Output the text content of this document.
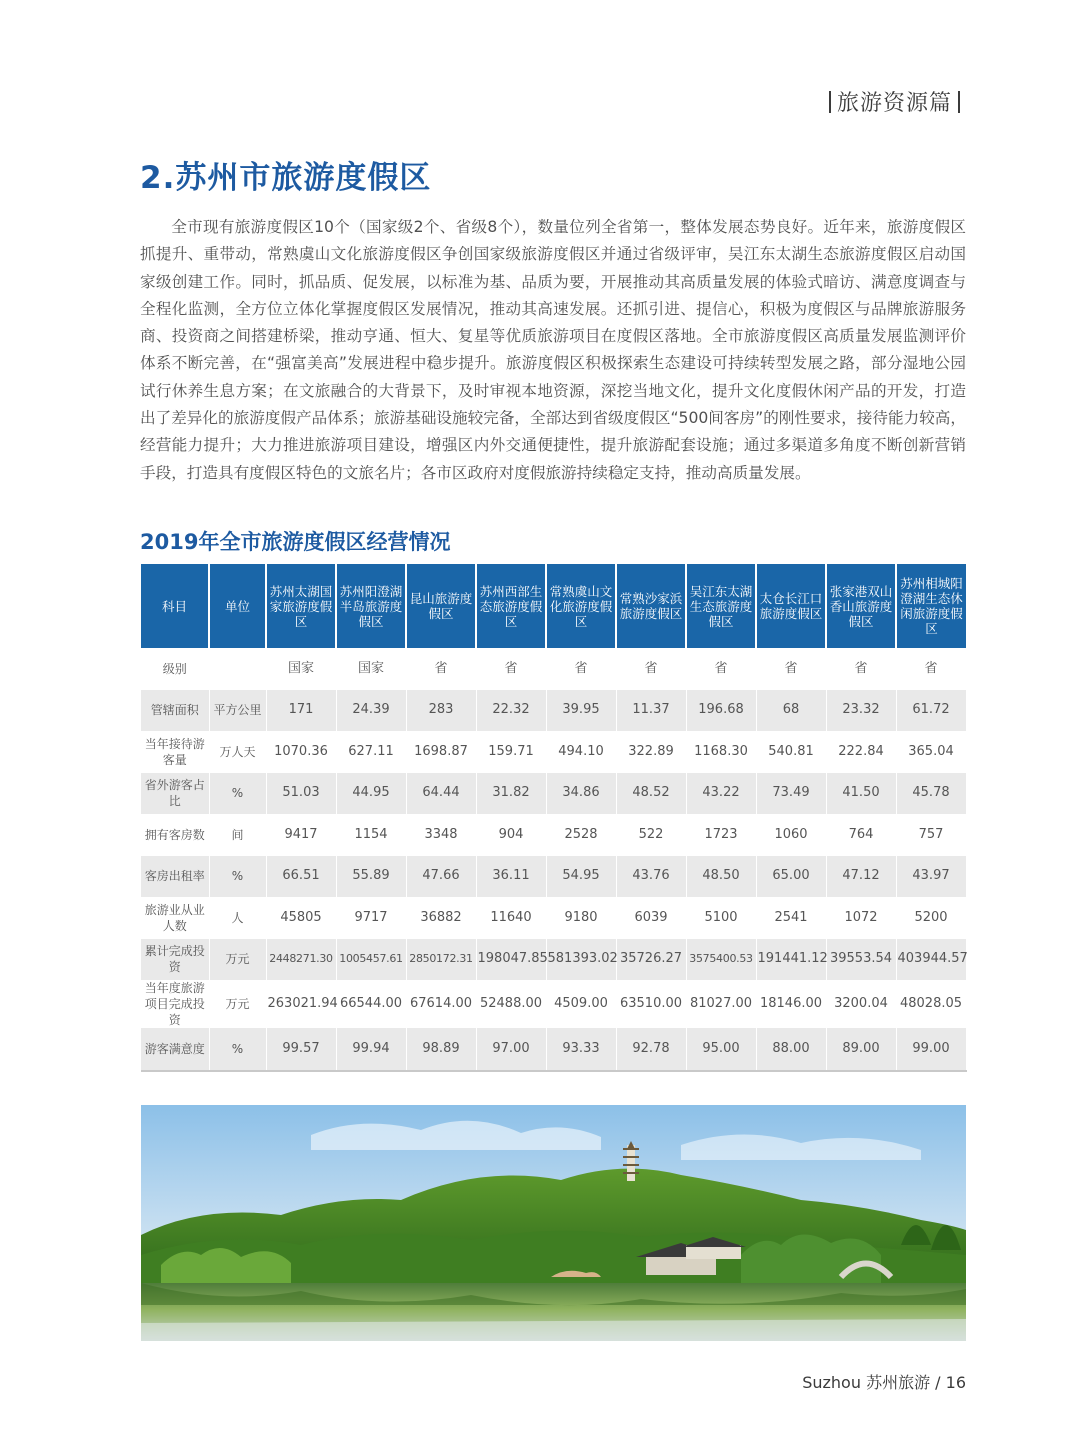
旅游资源篇
2.苏州市旅游度假区

全市现有旅游度假区10个（国家级2个、省级8个），数量位列全省第一，整体发展态势良好。近年来，旅游度假区抓提升、重带动，常熟虞山文化旅游度假区争创国家级旅游度假区并通过省级评审，吴江东太湖生态旅游度假区启动国家级创建工作。同时，抓品质、促发展，以标准为基、品质为要，开展推动其高质量发展的体验式暗访、满意度调查与全程化监测，全方位立体化掌握度假区发展情况，推动其高速发展。还抓引进、提信心，积极为度假区与品牌旅游服务商、投资商之间搭建桥梁，推动亨通、恒大、复星等优质旅游项目在度假区落地。全市旅游度假区高质量发展监测评价体系不断完善，在“强富美高”发展进程中稳步提升。旅游度假区积极探索生态建设可持续转型发展之路，部分湿地公园试行休养生息方案；在文旅融合的大背景下，及时审视本地资源，深挖当地文化，提升文化度假休闲产品的开发，打造出了差异化的旅游度假产品体系；旅游基础设施较完备，全部达到省级度假区“500间客房”的刚性要求，接待能力较高，经营能力提升；大力推进旅游项目建设，增强区内外交通便捷性，提升旅游配套设施；通过多渠道多角度不断创新营销手段，打造具有度假区特色的文旅名片；各市区政府对度假旅游持续稳定支持，推动高质量发展。

2019年全市旅游度假区经营情况
科目	单位	苏州太湖国家旅游度假区	苏州阳澄湖半岛旅游度假区	昆山旅游度假区	苏州西部生态旅游度假区	常熟虞山文化旅游度假区	常熟沙家浜旅游度假区	吴江东太湖生态旅游度假区	太仓长江口旅游度假区	张家港双山香山旅游度假区	苏州相城阳澄湖生态休闲旅游度假区
级别		国家	国家	省	省	省	省	省	省	省	省
管辖面积	平方公里	171	24.39	283	22.32	39.95	11.37	196.68	68	23.32	61.72
当年接待游客量	万人天	1070.36	627.11	1698.87	159.71	494.10	322.89	1168.30	540.81	222.84	365.04
省外游客占比	%	51.03	44.95	64.44	31.82	34.86	48.52	43.22	73.49	41.50	45.78
拥有客房数	间	9417	1154	3348	904	2528	522	1723	1060	764	757
客房出租率	%	66.51	55.89	47.66	36.11	54.95	43.76	48.50	65.00	47.12	43.97
旅游业从业人数	人	45805	9717	36882	11640	9180	6039	5100	2541	1072	5200
累计完成投资	万元	2448271.30	1005457.61	2850172.31	198047.85	581393.02	35726.27	3575400.53	191441.12	39553.54	403944.57
当年度旅游项目完成投资	万元	263021.94	66544.00	67614.00	52488.00	4509.00	63510.00	81027.00	18146.00	3200.04	48028.05
游客满意度	%	99.57	99.94	98.89	97.00	93.33	92.78	95.00	88.00	89.00	99.00
Suzhou 苏州旅游 / 16
